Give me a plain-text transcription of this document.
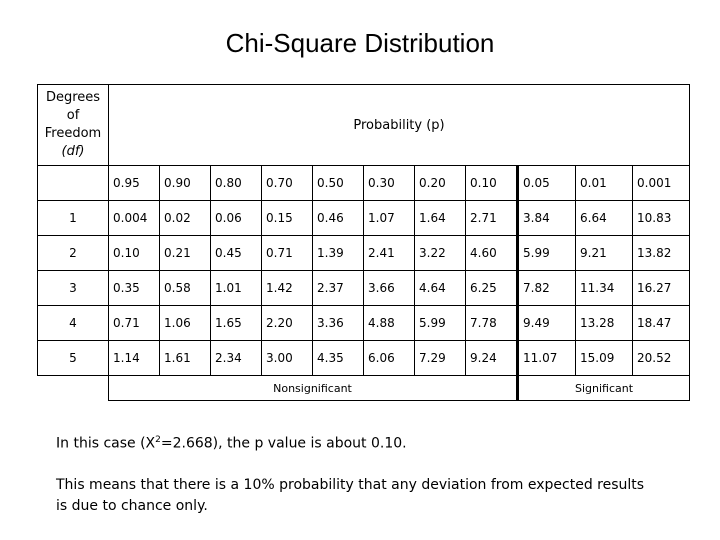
Chi-Square Distribution
Degrees
of
Freedom
(df)	Probability (p)										
	0.95	0.90	0.80	0.70	0.50	0.30	0.20	0.10	0.05	0.01	0.001
1	0.004	0.02	0.06	0.15	0.46	1.07	1.64	2.71	3.84	6.64	10.83
2	0.10	0.21	0.45	0.71	1.39	2.41	3.22	4.60	5.99	9.21	13.82
3	0.35	0.58	1.01	1.42	2.37	3.66	4.64	6.25	7.82	11.34	16.27
4	0.71	1.06	1.65	2.20	3.36	4.88	5.99	7.78	9.49	13.28	18.47
5	1.14	1.61	2.34	3.00	4.35	6.06	7.29	9.24	11.07	15.09	20.52
	Nonsignificant								Significant		
In this case $(X^2=2.668)$, the p value is about 0.10.
This means that there is a 10% probability that any deviation from expected results is due to chance only.
